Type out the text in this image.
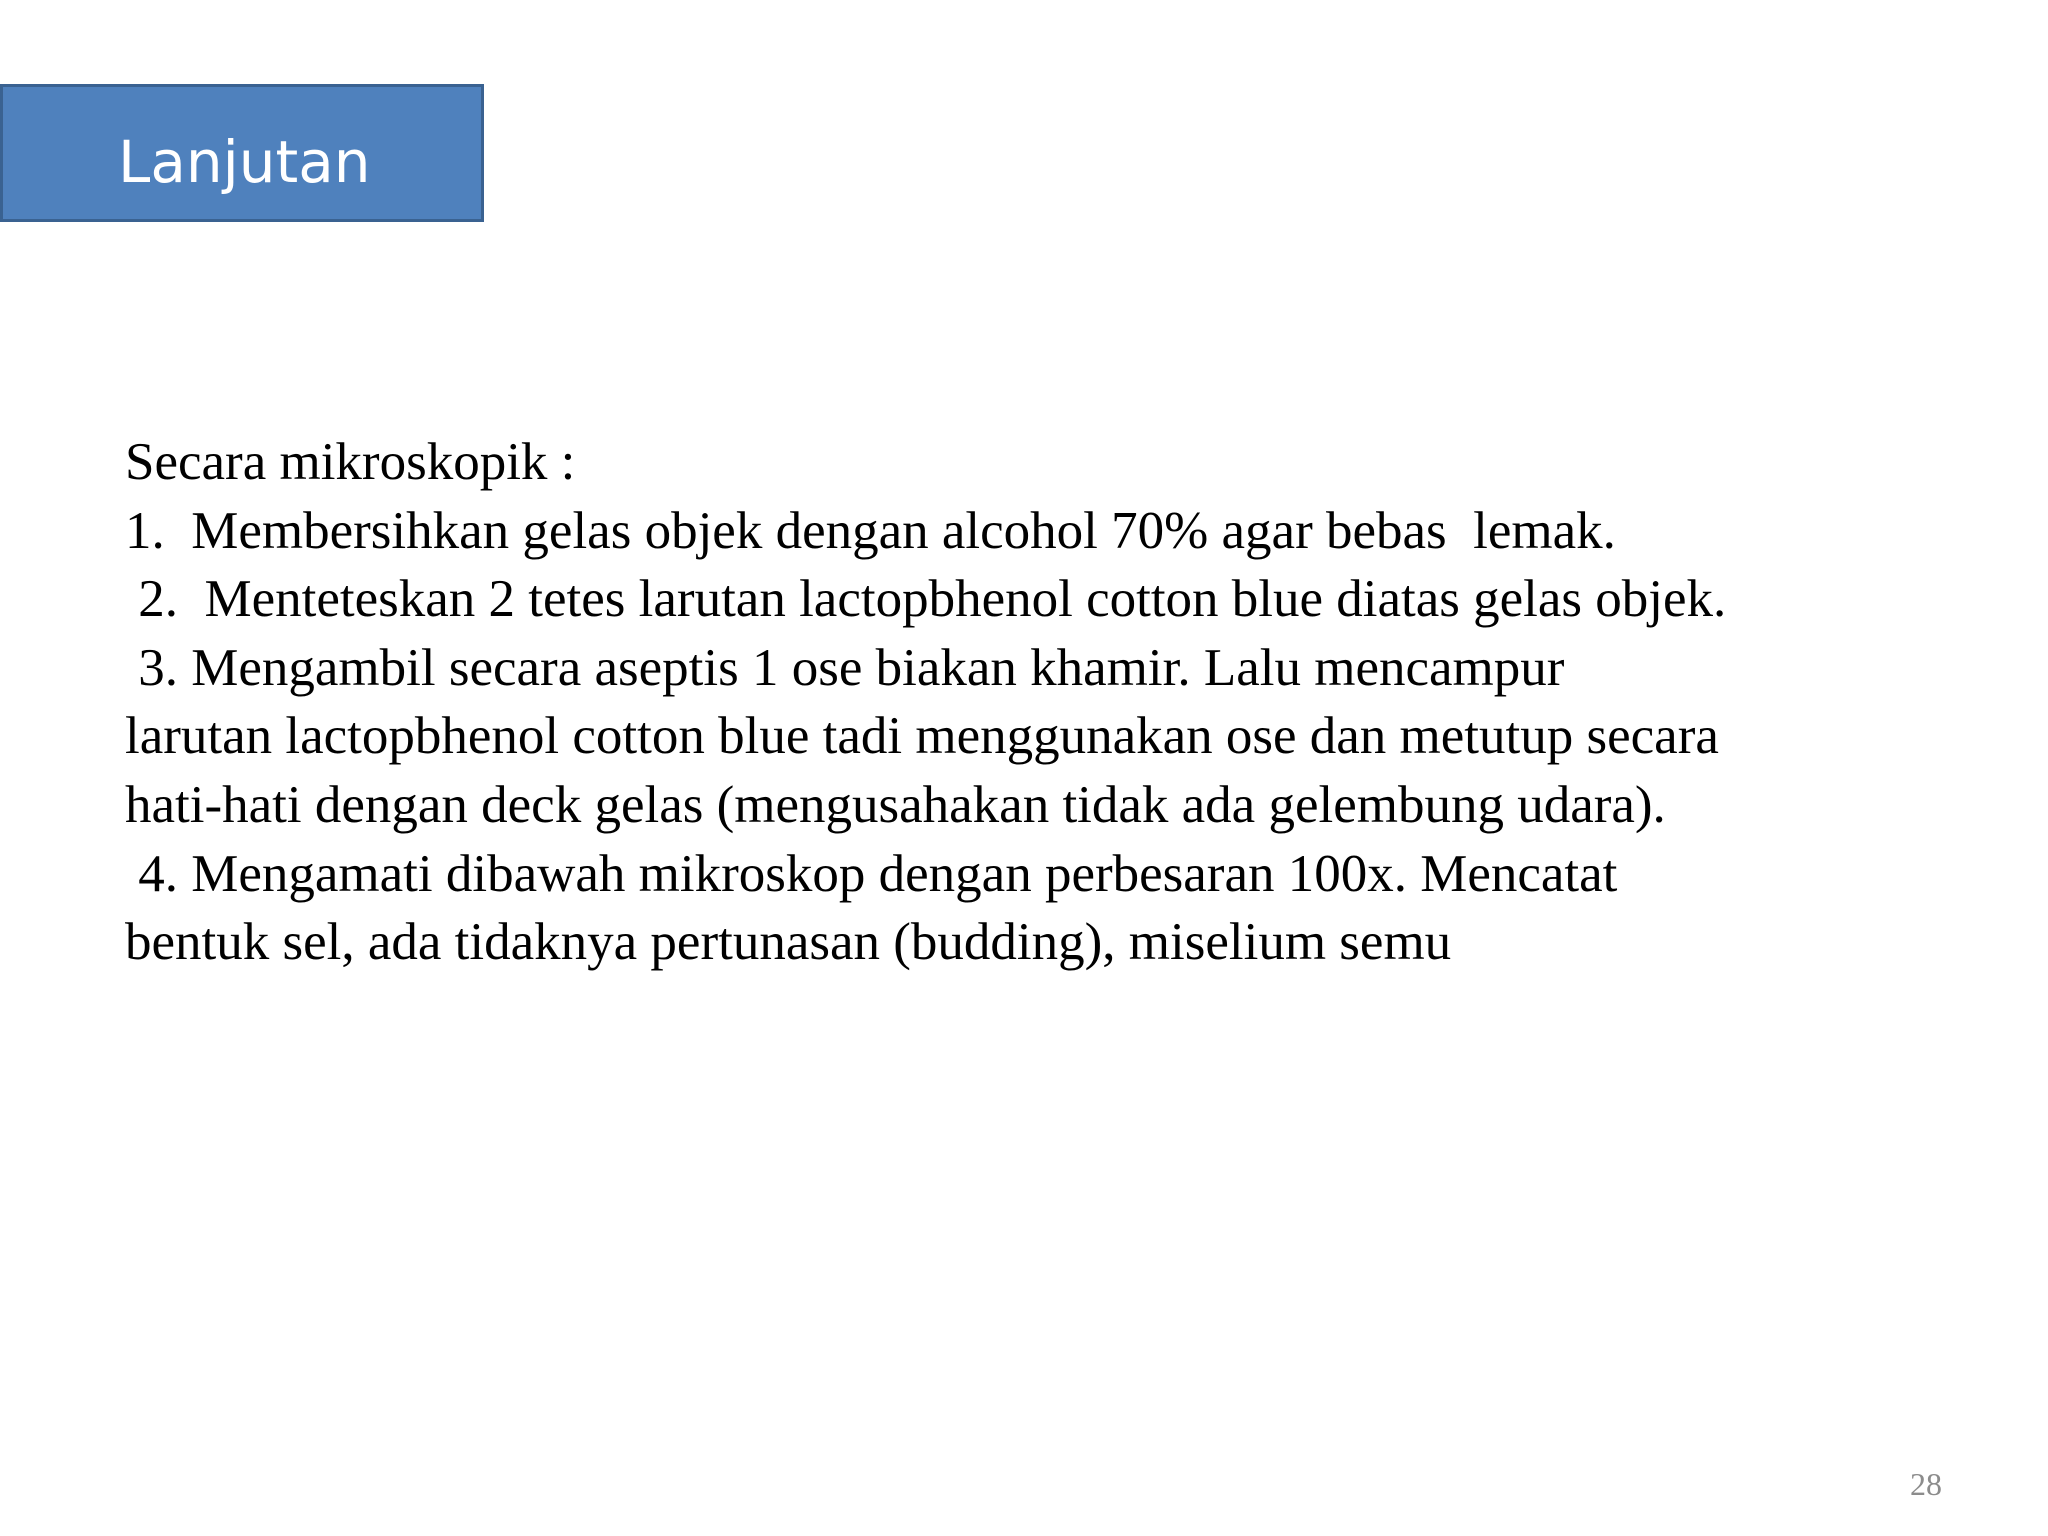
Lanjutan
Secara mikroskopik :
1.  Membersihkan gelas objek dengan alcohol 70% agar bebas  lemak.
2.  Menteteskan 2 tetes larutan lactopbhenol cotton blue diatas gelas objek.
3. Mengambil secara aseptis 1 ose biakan khamir. Lalu mencampur
larutan lactopbhenol cotton blue tadi menggunakan ose dan metutup secara
hati-hati dengan deck gelas (mengusahakan tidak ada gelembung udara).
4. Mengamati dibawah mikroskop dengan perbesaran 100x. Mencatat
bentuk sel, ada tidaknya pertunasan (budding), miselium semu
28
